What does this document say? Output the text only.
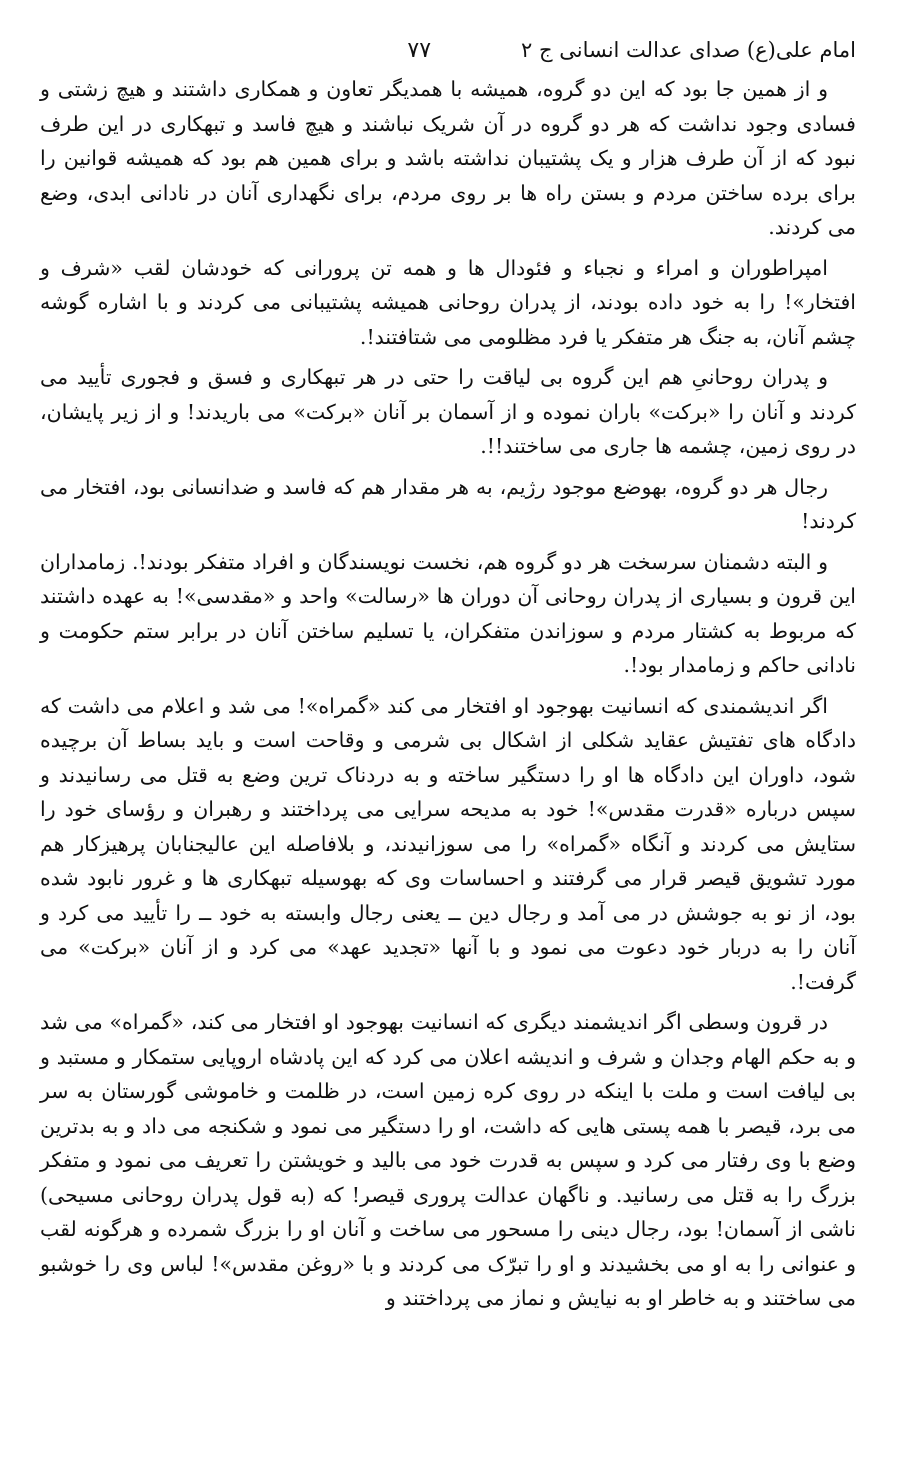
امام علی(ع) صدای عدالت انسانی ج ۲
۷۷

و از همین جا بود که این دو گروه، همیشه با همدیگر تعاون و همکاری داشتند و هیچ زشتی و فسادی وجود نداشت که هر دو گروه در آن شریک نباشند و هیچ فاسد و تبهکاری در این طرف نبود که از آن طرف هزار و یک پشتیبان نداشته باشد و برای همین هم بود که همیشه قوانین را برای برده ساختن مردم و بستن راه ها بر روی مردم، برای نگهداری آنان در نادانی ابدی، وضع می کردند.

امپراطوران و امراء و نجباء و فئودال ها و همه تن پرورانی که خودشان لقب «شرف و افتخار»! را به خود داده بودند، از پدران روحانی همیشه پشتیبانی می کردند و با اشاره گوشه چشم آنان، به جنگ هر متفکر یا فرد مظلومی می شتافتند!.

و پدران روحانیِ هم این گروه بی لیاقت را حتی در هر تبهکاری و فسق و فجوری تأیید می کردند و آنان را «برکت» باران نموده و از آسمان بر آنان «برکت» می باریدند! و از زیر پایشان، در روی زمین، چشمه ها جاری می ساختند!!.

رجال هر دو گروه، بهوضع موجود رژیم، به هر مقدار هم که فاسد و ضدانسانی بود، افتخار می کردند!

و البته دشمنان سرسخت هر دو گروه هم، نخست نویسندگان و افراد متفکر بودند!. زمامداران این قرون و بسیاری از پدران روحانی آن دوران ها «رسالت» واحد و «مقدسی»! به عهده داشتند که مربوط به کشتار مردم و سوزاندن متفکران، یا تسلیم ساختن آنان در برابر ستم حکومت و نادانی حاکم و زمامدار بود!.

اگر اندیشمندی که انسانیت بهوجود او افتخار می کند «گمراه»! می شد و اعلام می داشت که دادگاه های تفتیش عقاید شکلی از اشکال بی شرمی و وقاحت است و باید بساط آن برچیده شود، داوران این دادگاه ها او را دستگیر ساخته و به دردناک ترین وضع به قتل می رسانیدند و سپس درباره «قدرت مقدس»! خود به مدیحه سرایی می پرداختند و رهبران و رؤسای خود را ستایش می کردند و آنگاه «گمراه» را می سوزانیدند، و بلافاصله این عالیجنابان پرهیزکار هم مورد تشویق قیصر قرار می گرفتند و احساسات وی که بهوسیله تبهکاری ها و غرور نابود شده بود، از نو به جوشش در می آمد و رجال دین ــ یعنی رجال وابسته به خود ــ را تأیید می کرد و آنان را به دربار خود دعوت می نمود و با آنها «تجدید عهد» می کرد و از آنان «برکت» می گرفت!.

در قرون وسطی اگر اندیشمند دیگری که انسانیت بهوجود او افتخار می کند، «گمراه» می شد و به حکم الهام وجدان و شرف و اندیشه اعلان می کرد که این پادشاه اروپایی ستمکار و مستبد و بی لیافت است و ملت با اینکه در روی کره زمین است، در ظلمت و خاموشی گورستان به سر می برد، قیصر با همه پستی هایی که داشت، او را دستگیر می نمود و شکنجه می داد و به بدترین وضع با وی رفتار می کرد و سپس به قدرت خود می بالید و خویشتن را تعریف می نمود و متفکر بزرگ را به قتل می رسانید. و ناگهان عدالت پروری قیصر! که (به قول پدران روحانی مسیحی) ناشی از آسمان! بود، رجال دینی را مسحور می ساخت و آنان او را بزرگ شمرده و هرگونه لقب و عنوانی را به او می بخشیدند و او را تبرّک می کردند و با «روغن مقدس»! لباس وی را خوشبو می ساختند و به خاطر او به نیایش و نماز می پرداختند و
